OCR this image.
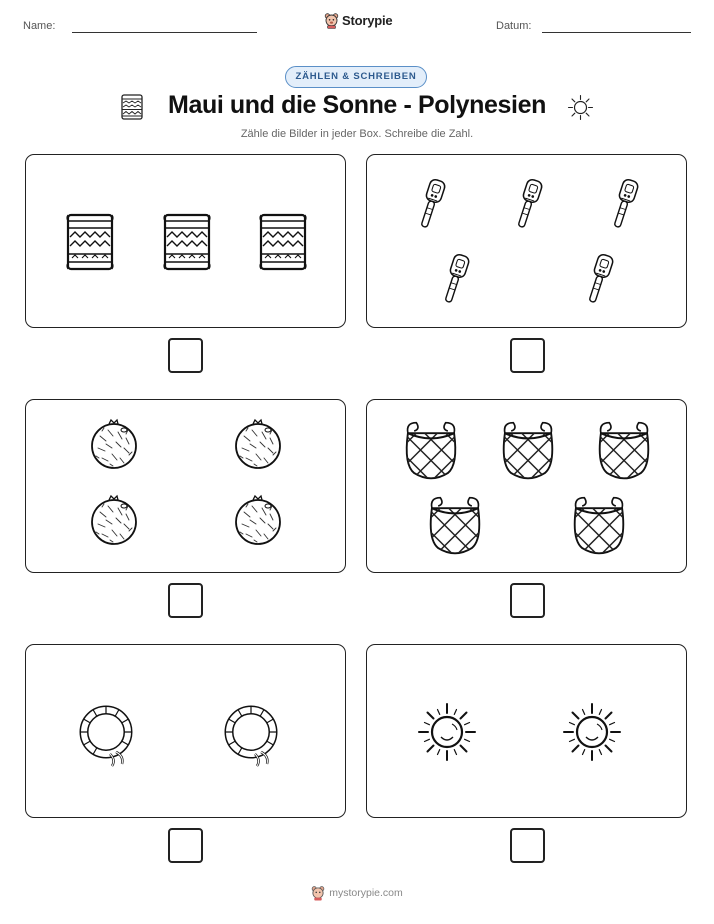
Name:	Storypie	Datum:
ZÄHLEN & SCHREIBEN
Maui und die Sonne - Polynesien
Zähle die Bilder in jeder Box. Schreibe die Zahl.
mystorypie.com
